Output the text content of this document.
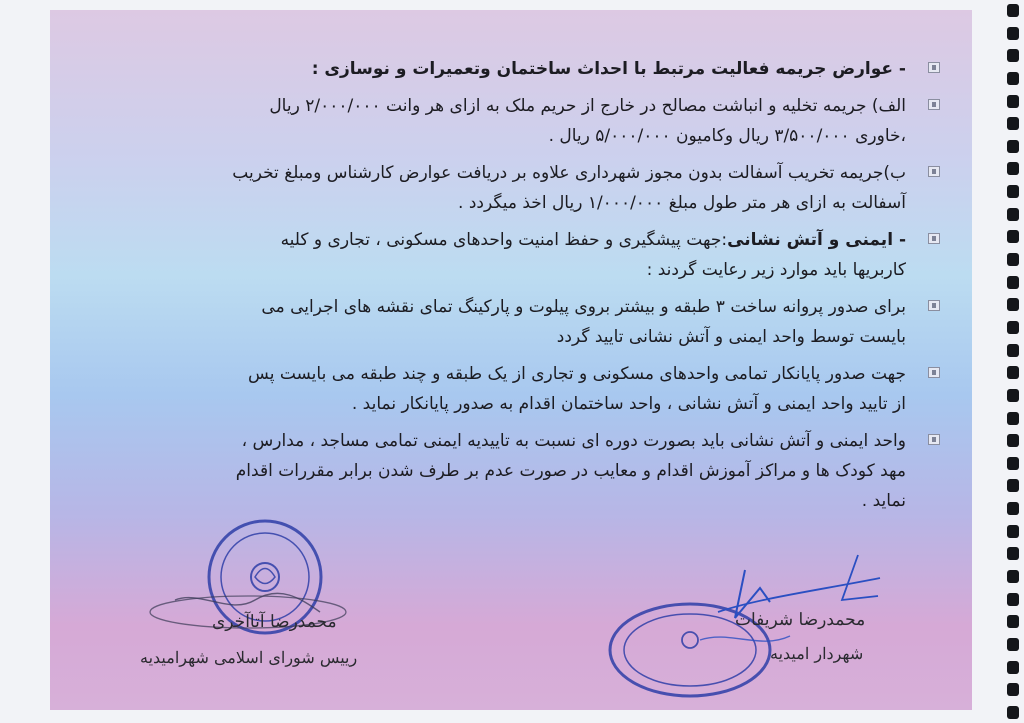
- عوارض جریمه فعالیت مرتبط با احداث ساختمان وتعمیرات و نوسازی :
الف) جریمه تخلیه و انباشت مصالح در خارج از حریم ملک به ازای هر وانت ۲/۰۰۰/۰۰۰ ریال
،خاوری ۳/۵۰۰/۰۰۰ ریال وکامیون ۵/۰۰۰/۰۰۰ ریال .
ب)جریمه تخریب آسفالت بدون مجوز شهرداری علاوه بر دریافت عوارض کارشناس ومبلغ تخریب
آسفالت به ازای هر متر طول مبلغ ۱/۰۰۰/۰۰۰ ریال اخذ میگردد .
- ایمنی و آتش نشانی:جهت پیشگیری و حفظ امنیت واحدهای مسکونی ، تجاری و کلیه
کاربریها باید موارد زیر رعایت گردند :
برای صدور پروانه ساخت ۳ طبقه و بیشتر بروی پیلوت و پارکینگ تمای نقشه های اجرایی می
بایست توسط واحد ایمنی و آتش نشانی تایید گردد
جهت صدور پایانکار تمامی واحدهای مسکونی و تجاری از یک طبقه و چند طبقه می بایست پس
از تایید واحد ایمنی و آتش نشانی ، واحد ساختمان اقدام به صدور پایانکار نماید .
واحد ایمنی و آتش نشانی باید بصورت دوره ای نسبت به تاییدیه ایمنی تمامی مساجد ، مدارس ،
مهد کودک ها و مراکز آموزش اقدام و معایب در صورت عدم بر طرف شدن برابر مقررات اقدام
نماید .
محمدرضا آتاآخری
رییس شورای اسلامی شهرامیدیه
محمدرضا شریفات
شهردار امیدیه
